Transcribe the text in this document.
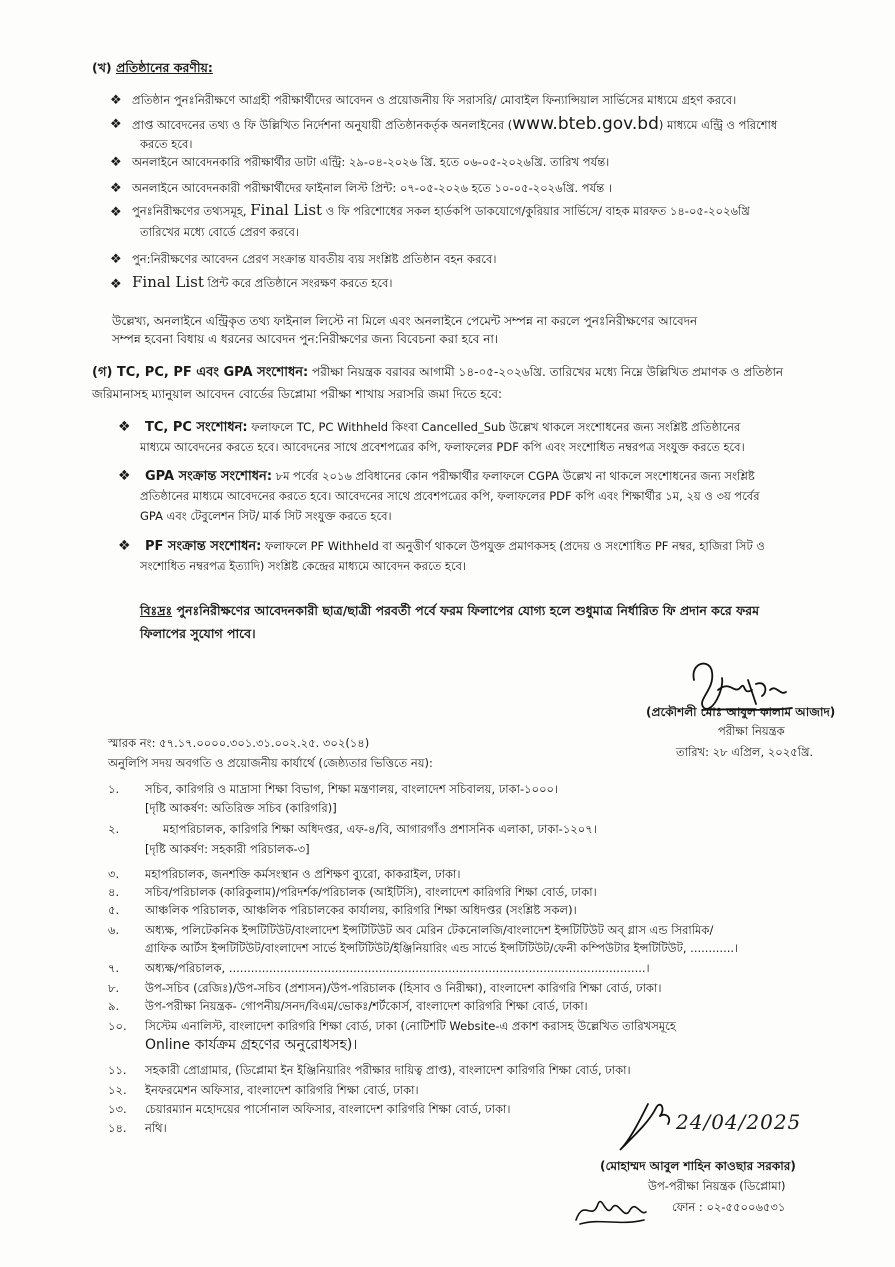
(খ) প্রতিষ্ঠানের করণীয়:
❖ প্রতিষ্ঠান পুনঃনিরীক্ষণে আগ্রহী পরীক্ষার্থীদের আবেদন ও প্রয়োজনীয় ফি সরাসরি/ মোবাইল ফিন্যান্সিয়াল সার্ভিসের মাধ্যমে গ্রহণ করবে।
❖ প্রাপ্ত আবেদনের তথ্য ও ফি উল্লিখিত নির্দেশনা অনুযায়ী প্রতিষ্ঠানকর্তৃক অনলাইনের (www.bteb.gov.bd) মাধ্যমে এন্ট্রি ও পরিশোধ
করতে হবে।
❖ অনলাইনে আবেদনকারি পরীক্ষার্থীর ডাটা এন্ট্রি: ২৯-০৪-২০২৬ খ্রি. হতে ০৬-০৫-২০২৬খ্রি. তারিখ পর্যন্ত।
❖ অনলাইনে আবেদনকারী পরীক্ষার্থীদের ফাইনাল লিস্ট প্রিন্ট: ০৭-০৫-২০২৬ হতে ১০-০৫-২০২৬খ্রি. পর্যন্ত ।
❖ পুনঃনিরীক্ষণের তথ্যসমূহ, Final List ও ফি পরিশোধের সকল হার্ডকপি ডাকযোগে/কুরিয়ার সার্ভিসে/ বাহক মারফত ১৪-০৫-২০২৬খ্রি
তারিখের মধ্যে বোর্ডে প্রেরণ করবে।
❖ পুন:নিরীক্ষণের আবেদন প্রেরণ সংক্রান্ত যাবতীয় ব্যয় সংশ্লিষ্ট প্রতিষ্ঠান বহন করবে।
❖ Final List প্রিন্ট করে প্রতিষ্ঠানে সংরক্ষণ করতে হবে।
উল্লেখ্য, অনলাইনে এন্ট্রিকৃত তথ্য ফাইনাল লিস্টে না মিলে এবং অনলাইনে পেমেন্ট সম্পন্ন না করলে পুনঃনিরীক্ষণের আবেদন
সম্পন্ন হবেনা বিধায় এ ধরনের আবেদন পুন:নিরীক্ষণের জন্য বিবেচনা করা হবে না।
(গ) TC, PC, PF এবং GPA সংশোধন: পরীক্ষা নিয়ন্ত্রক বরাবর আগামী ১৪-০৫-২০২৬খ্রি. তারিখের মধ্যে নিম্নে উল্লিখিত প্রমাণক ও প্রতিষ্ঠান
জরিমানাসহ ম্যানুয়াল আবেদন বোর্ডের ডিপ্লোমা পরীক্ষা শাখায় সরাসরি জমা দিতে হবে:
❖ TC, PC সংশোধন: ফলাফলে TC, PC Withheld কিংবা Cancelled_Sub উল্লেখ থাকলে সংশোধনের জন্য সংশ্লিষ্ট প্রতিষ্ঠানের
মাধ্যমে আবেদনের করতে হবে। আবেদনের সাথে প্রবেশপত্রের কপি, ফলাফলের PDF কপি এবং সংশোধিত নম্বরপত্র সংযুক্ত করতে হবে।
❖ GPA সংক্রান্ত সংশোধন: ৮ম পর্বের ২০১৬ প্রবিধানের কোন পরীক্ষার্থীর ফলাফলে CGPA উল্লেখ না থাকলে সংশোধনের জন্য সংশ্লিষ্ট
প্রতিষ্ঠানের মাধ্যমে আবেদনের করতে হবে। আবেদনের সাথে প্রবেশপত্রের কপি, ফলাফলের PDF কপি এবং শিক্ষার্থীর ১ম, ২য় ও ৩য় পর্বের
GPA এবং টেবুলেশন সিট/ মার্ক সিট সংযুক্ত করতে হবে।
❖ PF সংক্রান্ত সংশোধন: ফলাফলে PF Withheld বা অনুত্তীর্ণ থাকলে উপযুক্ত প্রমাণকসহ (প্রদেয় ও সংশোধিত PF নম্বর, হাজিরা সিট ও
সংশোধিত নম্বরপত্র ইত্যাদি) সংশ্লিষ্ট কেন্দ্রের মাধ্যমে আবেদন করতে হবে।
বিঃদ্রঃ পুনঃনিরীক্ষণের আবেদনকারী ছাত্র/ছাত্রী পরবর্তী পর্বে ফরম ফিলাপের যোগ্য হলে শুধুমাত্র নির্ধারিত ফি প্রদান করে ফরম
ফিলাপের সুযোগ পাবে।
(প্রকৌশলী মোঃ আবুল কালাম আজাদ)
পরীক্ষা নিয়ন্ত্রক
তারিখ: ২৮ এপ্রিল, ২০২৫খ্রি.
স্মারক নং: ৫৭.১৭.০০০০.৩০১.৩১.০০২.২৫. ৩০২(১৪)
অনুলিপি সদয় অবগতি ও প্রয়োজনীয় কার্যার্থে (জেষ্ঠ্যতার ভিত্তিতে নয়):
১. সচিব, কারিগরি ও মাদ্রাসা শিক্ষা বিভাগ, শিক্ষা মন্ত্রণালয়, বাংলাদেশ সচিবালয়, ঢাকা-১০০০।
[দৃষ্টি আকর্ষণ: অতিরিক্ত সচিব (কারিগরি)]
২.	মহাপরিচালক, কারিগরি শিক্ষা অধিদপ্তর, এফ-৪/বি, আগারগাঁও প্রশাসনিক এলাকা, ঢাকা-১২০৭।
[দৃষ্টি আকর্ষণ: সহকারী পরিচালক-৩]
৩. মহাপরিচালক, জনশক্তি কর্মসংস্থান ও প্রশিক্ষণ ব্যুরো, কাকরাইল, ঢাকা।
৪. সচিব/পরিচালক (কারিকুলাম)/পরিদর্শক/পরিচালক (আইটিসি), বাংলাদেশ কারিগরি শিক্ষা বোর্ড, ঢাকা।
৫. আঞ্চলিক পরিচালক, আঞ্চলিক পরিচালকের কার্যালয়, কারিগরি শিক্ষা অধিদপ্তর (সংশ্লিষ্ট সকল)।
৬. অধ্যক্ষ, পলিটেকনিক ইন্সটিটিউট/বাংলাদেশ ইন্সটিটিউট অব মেরিন টেকনোলজি/বাংলাদেশ ইন্সটিটিউট অব্ গ্লাস এন্ড সিরামিক/
গ্রাফিক আর্টস ইন্সটিটিউট/বাংলাদেশ সার্ভে ইন্সটিটিউট/ইঞ্জিনিয়ারিং এন্ড সার্ভে ইন্সটিটিউট/ফেনী কম্পিউটার ইন্সটিটিউট, ............।
৭. অধ্যক্ষ/পরিচালক, ..................................................................................................................।
৮. উপ-সচিব (রেজিঃ)/উপ-সচিব (প্রশাসন)/উপ-পরিচালক (হিসাব ও নিরীক্ষা), বাংলাদেশ কারিগরি শিক্ষা বোর্ড, ঢাকা।
৯. উপ-পরীক্ষা নিয়ন্ত্রক- গোপনীয়/সনদ/বিএম/ভোকঃ/শর্টকোর্স, বাংলাদেশ কারিগরি শিক্ষা বোর্ড, ঢাকা।
১০. সিস্টেম এনালিস্ট, বাংলাদেশ কারিগরি শিক্ষা বোর্ড, ঢাকা (নোটিশটি Website-এ প্রকাশ করাসহ উল্লেখিত তারিখসমূহে
Online কার্যক্রম গ্রহণের অনুরোধসহ)।
১১. সহকারী প্রোগ্রামার, (ডিপ্লোমা ইন ইঞ্জিনিয়ারিং পরীক্ষার দায়িত্ব প্রাপ্ত), বাংলাদেশ কারিগরি শিক্ষা বোর্ড, ঢাকা।
১২. ইনফরমেশন অফিসার, বাংলাদেশ কারিগরি শিক্ষা বোর্ড, ঢাকা।
১৩. চেয়ারম্যান মহোদয়ের পার্সোনাল অফিসার, বাংলাদেশ কারিগরি শিক্ষা বোর্ড, ঢাকা।
১৪. নথি।	24/04/2025
(মোহাম্মদ আবুল শাহিন কাওছার সরকার)
উপ-পরীক্ষা নিয়ন্ত্রক (ডিপ্লোমা)
ফোন : ০২-৫৫০০৬৫৩১
